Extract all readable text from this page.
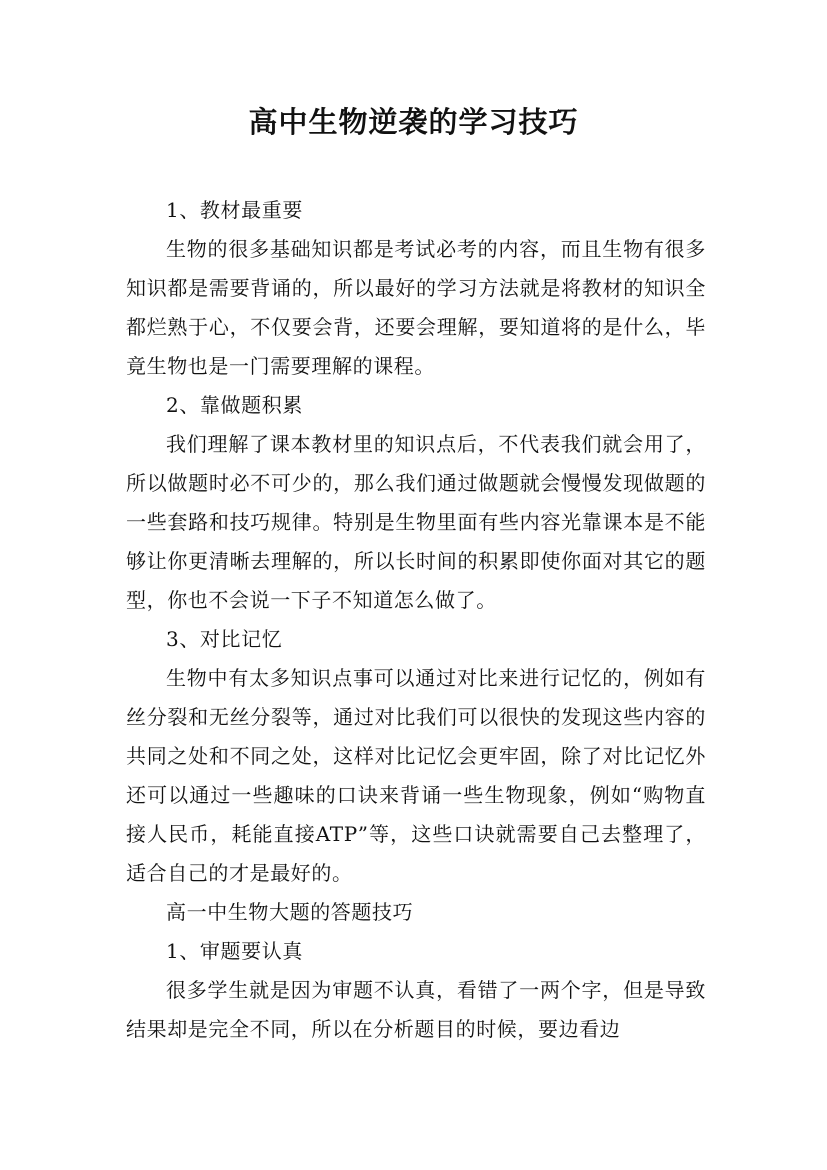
高中生物逆袭的学习技巧

1、教材最重要

生物的很多基础知识都是考试必考的内容，而且生物有很多知识都是需要背诵的，所以最好的学习方法就是将教材的知识全都烂熟于心，不仅要会背，还要会理解，要知道将的是什么，毕竟生物也是一门需要理解的课程。

2、靠做题积累

我们理解了课本教材里的知识点后，不代表我们就会用了，所以做题时必不可少的，那么我们通过做题就会慢慢发现做题的一些套路和技巧规律。特别是生物里面有些内容光靠课本是不能够让你更清晰去理解的，所以长时间的积累即使你面对其它的题型，你也不会说一下子不知道怎么做了。

3、对比记忆

生物中有太多知识点事可以通过对比来进行记忆的，例如有丝分裂和无丝分裂等，通过对比我们可以很快的发现这些内容的共同之处和不同之处，这样对比记忆会更牢固，除了对比记忆外还可以通过一些趣味的口诀来背诵一些生物现象，例如“购物直接人民币，耗能直接ATP”等，这些口诀就需要自己去整理了，适合自己的才是最好的。

高一中生物大题的答题技巧

1、审题要认真

很多学生就是因为审题不认真，看错了一两个字，但是导致结果却是完全不同，所以在分析题目的时候，要边看边
